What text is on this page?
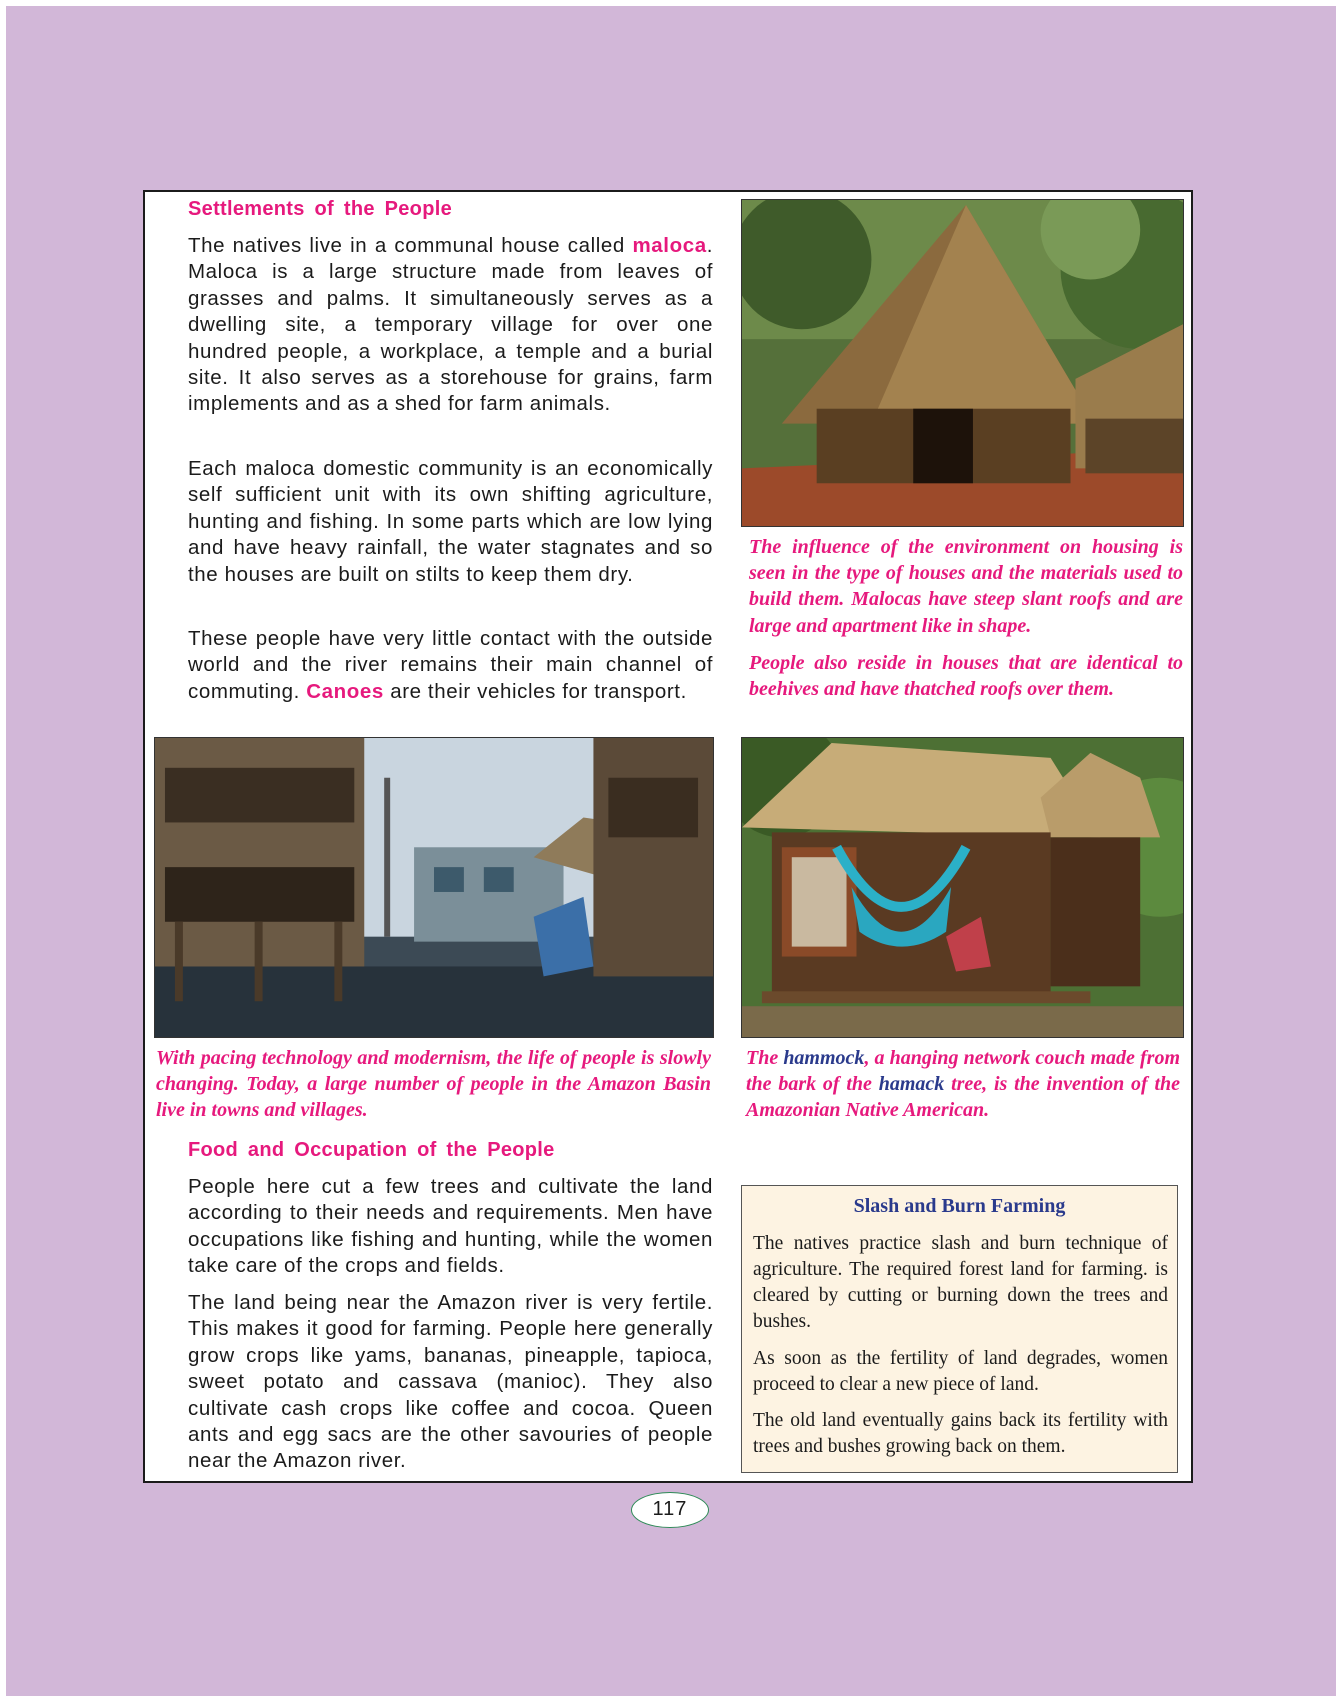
Settlements of the People

The natives live in a communal house called maloca. Maloca is a large structure made from leaves of grasses and palms. It simultaneously serves as a dwelling site, a temporary village for over one hundred people, a workplace, a temple and a burial site. It also serves as a storehouse for grains, farm implements and as a shed for farm animals.

Each maloca domestic community is an economically self sufficient unit with its own shifting agriculture, hunting and fishing. In some parts which are low lying and have heavy rainfall, the water stagnates and so the houses are built on stilts to keep them dry.

These people have very little contact with the outside world and the river remains their main channel of commuting. Canoes are their vehicles for transport.

The influence of the environment on housing is seen in the type of houses and the materials used to build them. Malocas have steep slant roofs and are large and apartment like in shape.

People also reside in houses that are identical to beehives and have thatched roofs over them.

With pacing technology and modernism, the life of people is slowly changing. Today, a large number of people in the Amazon Basin live in towns and villages.

The hammock, a hanging network couch made from the bark of the hamack tree, is the invention of the Amazonian Native American.

Food and Occupation of the People

People here cut a few trees and cultivate the land according to their needs and requirements. Men have occupations like fishing and hunting, while the women take care of the crops and fields.

The land being near the Amazon river is very fertile. This makes it good for farming. People here generally grow crops like yams, bananas, pineapple, tapioca, sweet potato and cassava (manioc). They also cultivate cash crops like coffee and cocoa. Queen ants and egg sacs are the other savouries of people near the Amazon river.

Slash and Burn Farming

The natives practice slash and burn technique of agriculture. The required forest land for farming. is cleared by cutting or burning down the trees and bushes.

As soon as the fertility of land degrades, women proceed to clear a new piece of land.

The old land eventually gains back its fertility with trees and bushes growing back on them.

117
